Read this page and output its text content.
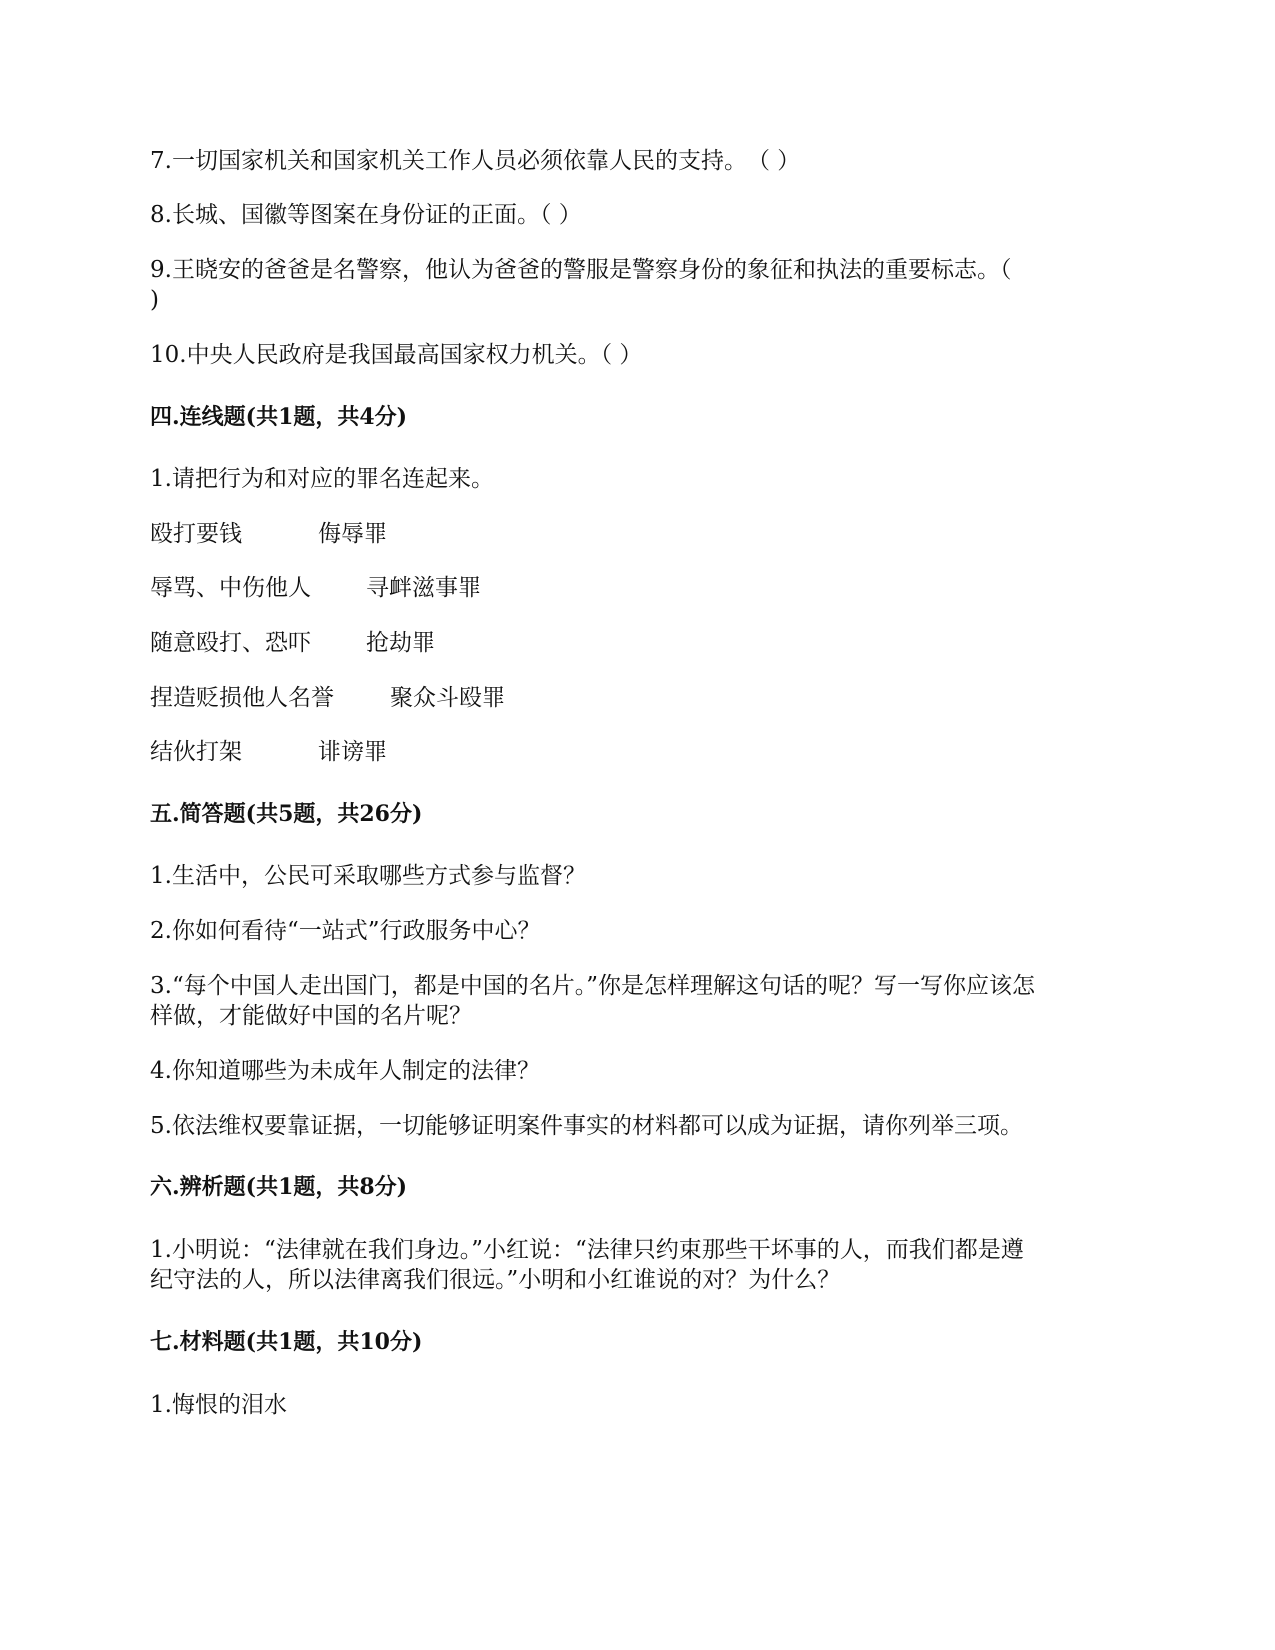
7.一切国家机关和国家机关工作人员必须依靠人民的支持。　（ ）
8.长城、国徽等图案在身份证的正面。（ ）
9.王晓安的爸爸是名警察，他认为爸爸的警服是警察身份的象征和执法的重要标志。（
)
10.中央人民政府是我国最高国家权力机关。（ ）
四.连线题(共1题，共4分)
1.请把行为和对应的罪名连起来。
殴打要钱	侮辱罪
辱骂、中伤他人 寻衅滋事罪
随意殴打、恐吓 抢劫罪
捏造贬损他人名誉 聚众斗殴罪
结伙打架	诽谤罪
五.简答题(共5题，共26分)
1.生活中，公民可采取哪些方式参与监督？
2.你如何看待“一站式”行政服务中心？
3.“每个中国人走出国门，都是中国的名片。”你是怎样理解这句话的呢？写一写你应该怎
样做，才能做好中国的名片呢？
4.你知道哪些为未成年人制定的法律？
5.依法维权要靠证据，一切能够证明案件事实的材料都可以成为证据，请你列举三项。
六.辨析题(共1题，共8分)
1.小明说：“法律就在我们身边。”小红说：“法律只约束那些干坏事的人，而我们都是遵
纪守法的人，所以法律离我们很远。”小明和小红谁说的对？为什么？
七.材料题(共1题，共10分)
1.悔恨的泪水
